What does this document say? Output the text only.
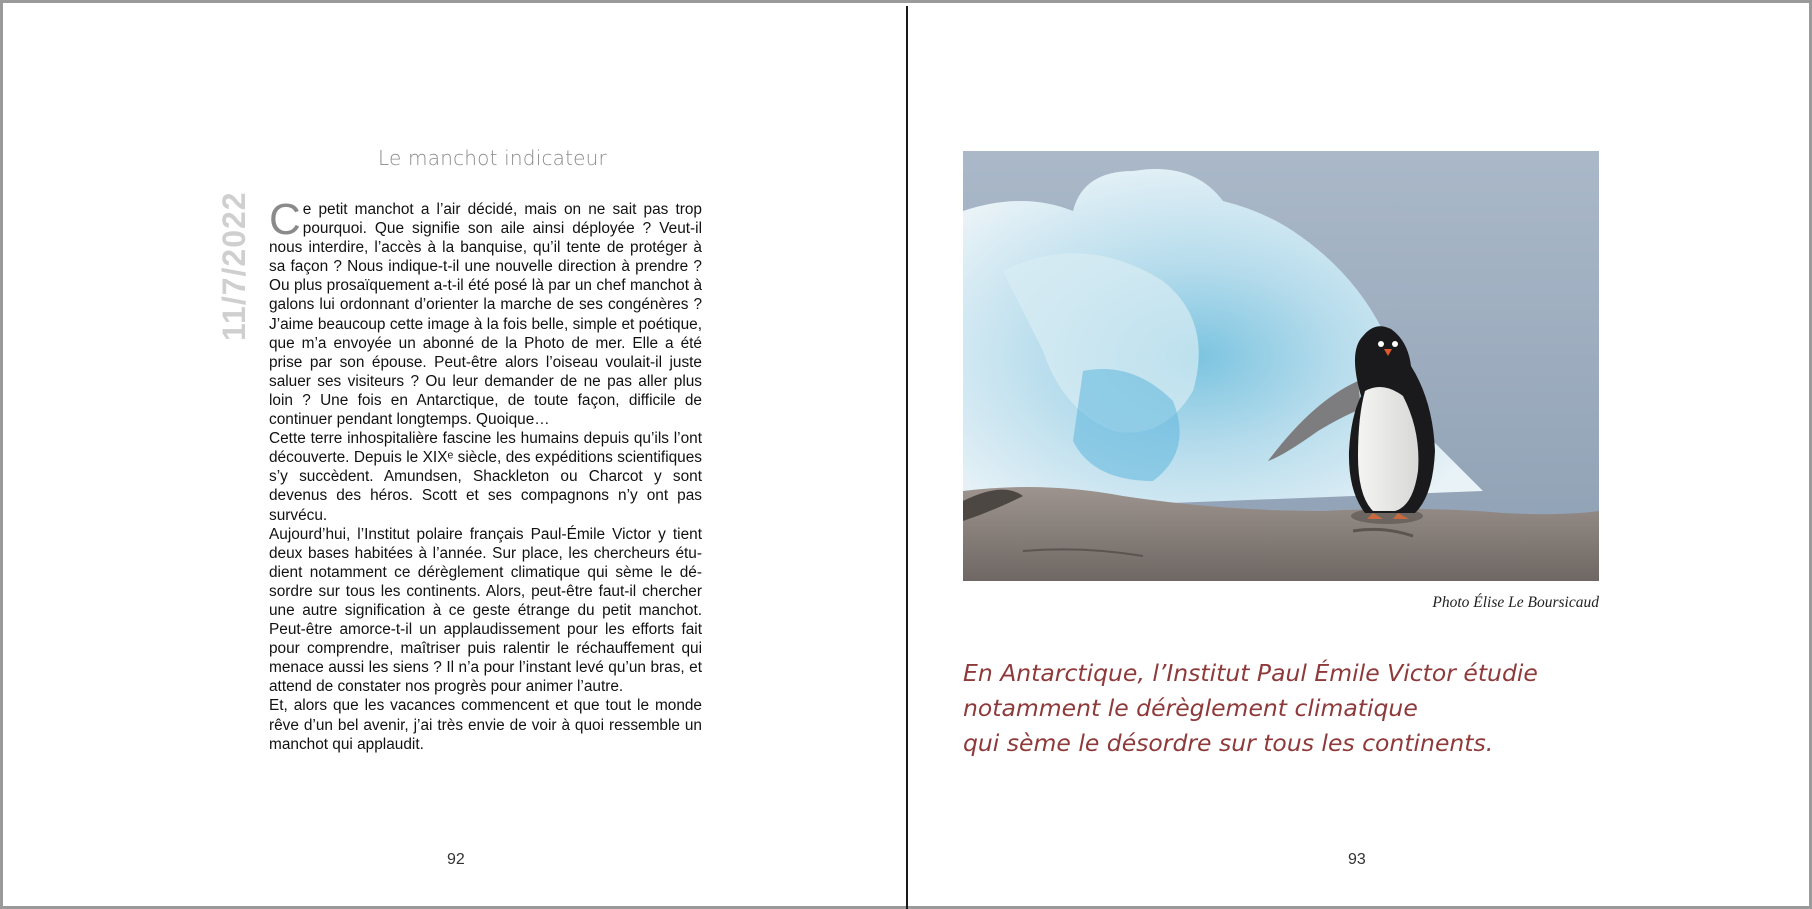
Le manchot indicateur
11/7/2022 Ce petit manchot a l’air décidé, mais on ne sait pas trop pourquoi. Que signifie son aile ainsi déployée ? Veut-il nous interdire, l’accès à la banquise, qu’il tente de protéger à sa façon ? Nous indique-t-il une nouvelle direction à prendre ? Ou plus prosaïquement a-t-il été posé là par un chef manchot à galons lui ordonnant d’orienter la marche de ses congénères ? J’aime beaucoup cette image à la fois belle, simple et poétique, que m’a envoyée un abonné de la Photo de mer. Elle a été prise par son épouse. Peut-être alors l’oiseau voulait-il juste saluer ses visiteurs ? Ou leur demander de ne pas aller plus loin ? Une fois en Antarctique, de toute façon, difficile de continuer pendant longtemps. Quoique…

Cette terre inhospitalière fascine les humains depuis qu’ils l’ont découverte. Depuis le XIXᵉ siècle, des expéditions scientifiques s’y succèdent. Amundsen, Shackleton ou Charcot y sont devenus des héros. Scott et ses compagnons n’y ont pas survécu.

Aujourd’hui, l’Institut polaire français Paul-Émile Victor y tient deux bases habitées à l’année. Sur place, les chercheurs étudient notamment ce dérèglement climatique qui sème le désordre sur tous les continents. Alors, peut-être faut-il chercher une autre signification à ce geste étrange du petit manchot. Peut-être amorce-t-il un applaudissement pour les efforts fait pour comprendre, maîtriser puis ralentir le réchauffement qui menace aussi les siens ? Il n’a pour l’instant levé qu’un bras, et attend de constater nos progrès pour animer l’autre.

Et, alors que les vacances commencent et que tout le monde rêve d’un bel avenir, j’ai très envie de voir à quoi ressemble un manchot qui applaudit.

92
Photo Élise Le Boursicaud
En Antarctique, l’Institut Paul Émile Victor étudie
notamment le dérèglement climatique
qui sème le désordre sur tous les continents.
93
